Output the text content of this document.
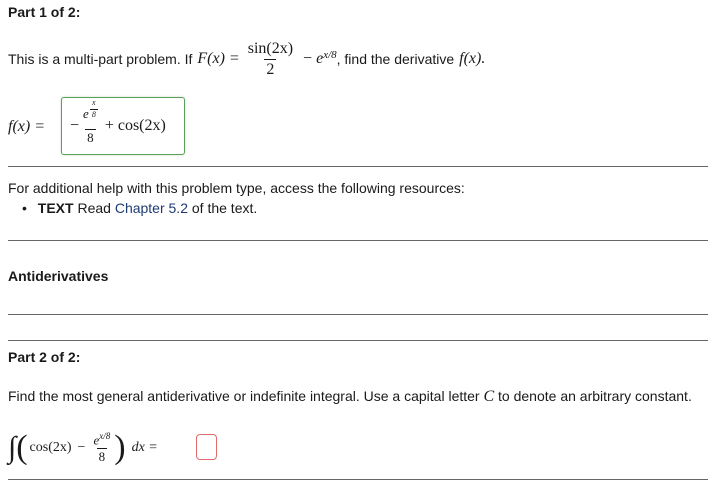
Part 1 of 2:
This is a multi-part problem. If $F(x) = \frac{\sin(2x)}{2} - e^{x/8}$ , find the derivative f(x).
f(x) = − $\frac{e \frac{x}{8}}{8} + \cos(2x)$
For additional help with this problem type, access the following resources:
• TEXT Read Chapter 5.2 of the text.
Antiderivatives
Part 2 of 2:
Find the most general antiderivative or indefinite integral. Use a capital letter C to denote an arbitrary constant.
∫ ( $\cos(2x) - \frac{e^{x/8}}{8}$ ) dx =
